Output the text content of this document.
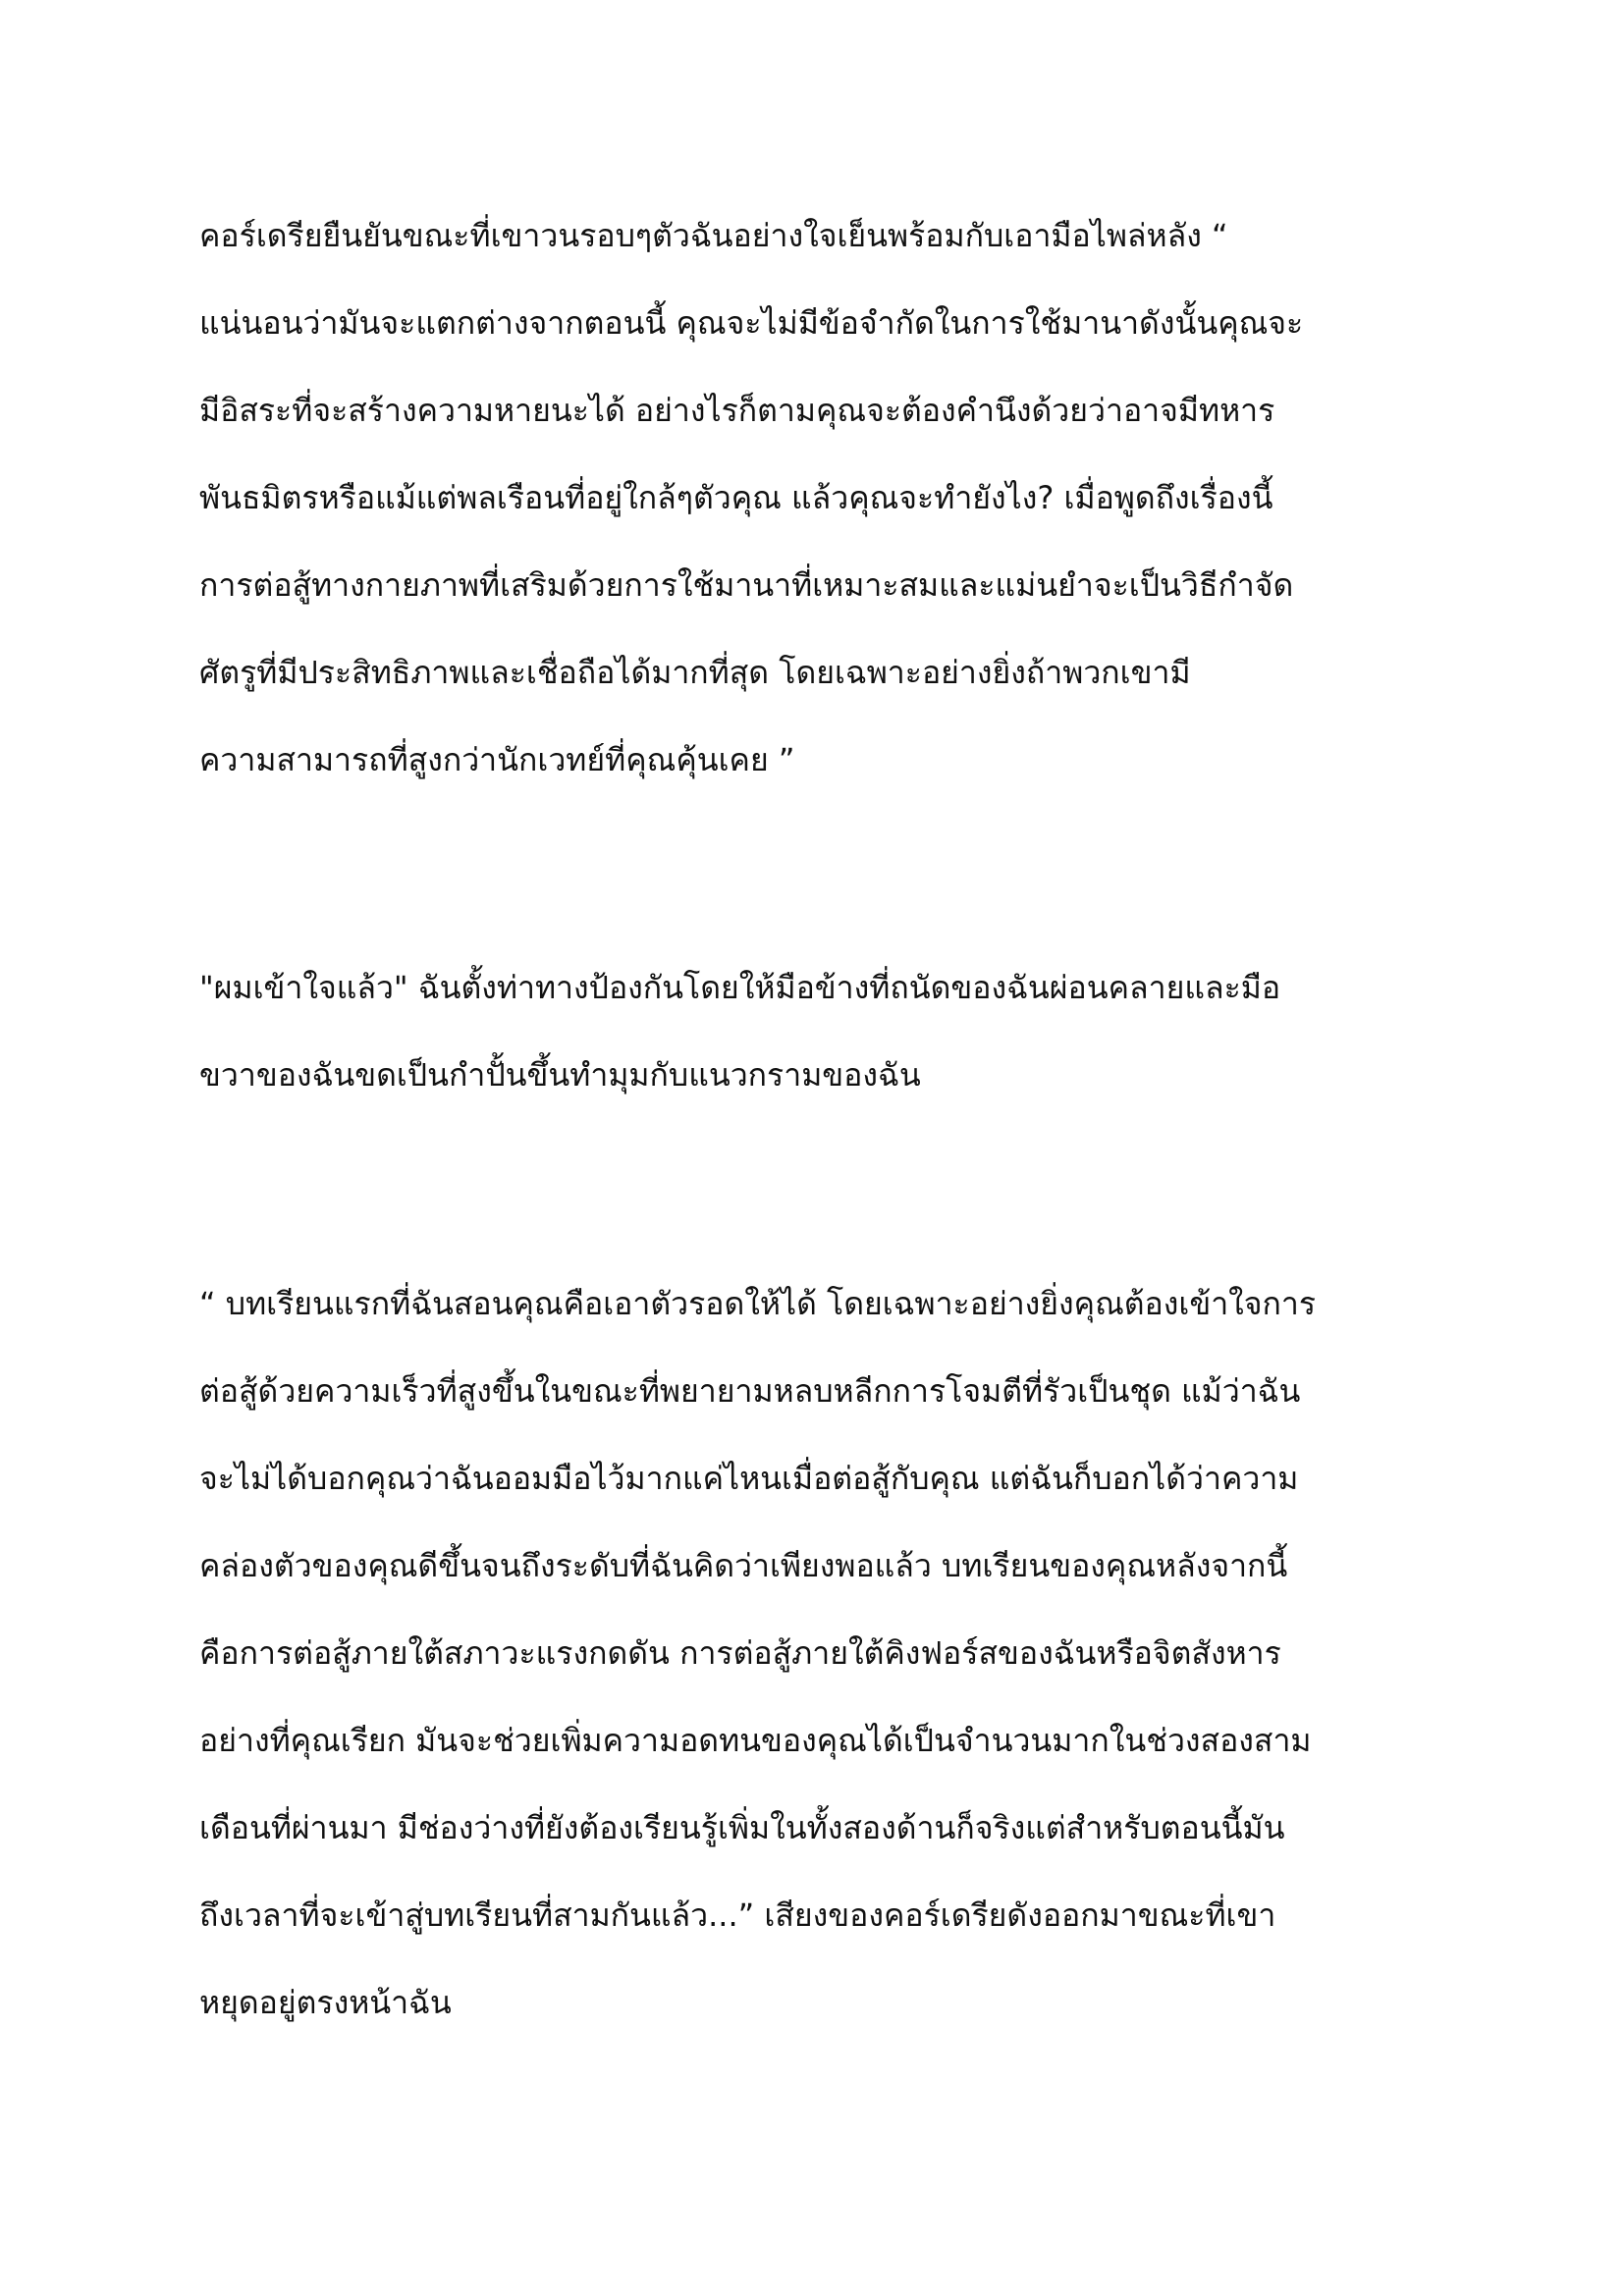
คอร์เดรียยืนยันขณะที่เขาวนรอบๆตัวฉันอย่างใจเย็นพร้อมกับเอามือไพล่หลัง “
แน่นอนว่ามันจะแตกต่างจากตอนนี้ คุณจะไม่มีข้อจำกัดในการใช้มานาดังนั้นคุณจะ
มีอิสระที่จะสร้างความหายนะได้ อย่างไรก็ตามคุณจะต้องคำนึงด้วยว่าอาจมีทหาร
พันธมิตรหรือแม้แต่พลเรือนที่อยู่ใกล้ๆตัวคุณ แล้วคุณจะทำยังไง? เมื่อพูดถึงเรื่องนี้
การต่อสู้ทางกายภาพที่เสริมด้วยการใช้มานาที่เหมาะสมและแม่นยำจะเป็นวิธีกำจัด
ศัตรูที่มีประสิทธิภาพและเชื่อถือได้มากที่สุด โดยเฉพาะอย่างยิ่งถ้าพวกเขามี
ความสามารถที่สูงกว่านักเวทย์ที่คุณคุ้นเคย ”

"ผมเข้าใจแล้ว" ฉันตั้งท่าทางป้องกันโดยให้มือข้างที่ถนัดของฉันผ่อนคลายและมือ
ขวาของฉันขดเป็นกำปั้นขึ้นทำมุมกับแนวกรามของฉัน

“ บทเรียนแรกที่ฉันสอนคุณคือเอาตัวรอดให้ได้ โดยเฉพาะอย่างยิ่งคุณต้องเข้าใจการ
ต่อสู้ด้วยความเร็วที่สูงขึ้นในขณะที่พยายามหลบหลีกการโจมตีที่รัวเป็นชุด แม้ว่าฉัน
จะไม่ได้บอกคุณว่าฉันออมมือไว้มากแค่ไหนเมื่อต่อสู้กับคุณ แต่ฉันก็บอกได้ว่าความ
คล่องตัวของคุณดีขึ้นจนถึงระดับที่ฉันคิดว่าเพียงพอแล้ว บทเรียนของคุณหลังจากนี้
คือการต่อสู้ภายใต้สภาวะแรงกดดัน การต่อสู้ภายใต้คิงฟอร์สของฉันหรือจิตสังหาร
อย่างที่คุณเรียก มันจะช่วยเพิ่มความอดทนของคุณได้เป็นจำนวนมากในช่วงสองสาม
เดือนที่ผ่านมา มีช่องว่างที่ยังต้องเรียนรู้เพิ่มในทั้งสองด้านก็จริงแต่สำหรับตอนนี้มัน
ถึงเวลาที่จะเข้าสู่บทเรียนที่สามกันแล้ว...” เสียงของคอร์เดรียดังออกมาขณะที่เขา
หยุดอยู่ตรงหน้าฉัน
